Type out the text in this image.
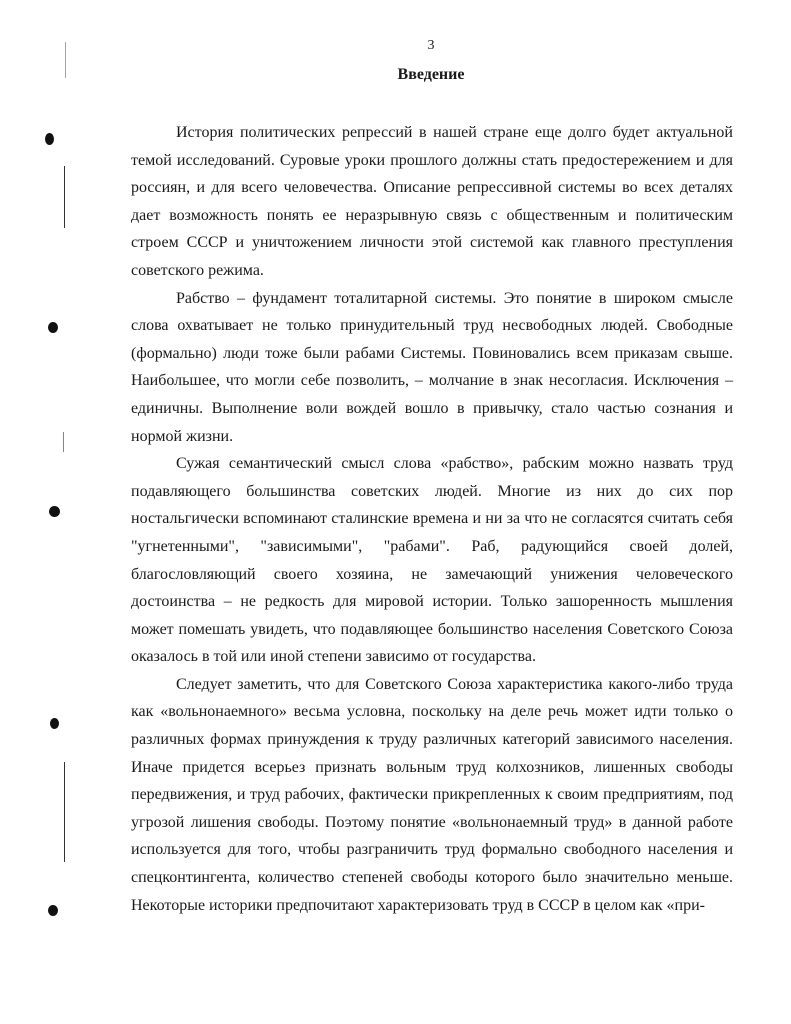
3
Введение

История политических репрессий в нашей стране еще долго будет актуальной темой исследований. Суровые уроки прошлого должны стать предостережением и для россиян, и для всего человечества. Описание репрессивной системы во всех деталях дает возможность понять ее неразрывную связь с общественным и политическим строем СССР и уничтожением личности этой системой как главного преступления советского режима.

Рабство – фундамент тоталитарной системы. Это понятие в широком смысле слова охватывает не только принудительный труд несвободных людей. Свободные (формально) люди тоже были рабами Системы. Повиновались всем приказам свыше. Наибольшее, что могли себе позволить, – молчание в знак несогласия. Исключения – единичны. Выполнение воли вождей вошло в привычку, стало частью сознания и нормой жизни.

Сужая семантический смысл слова «рабство», рабским можно назвать труд подавляющего большинства советских людей. Многие из них до сих пор ностальгически вспоминают сталинские времена и ни за что не согласятся считать себя "угнетенными", "зависимыми", "рабами". Раб, радующийся своей долей, благословляющий своего хозяина, не замечающий унижения человеческого достоинства – не редкость для мировой истории. Только зашоренность мышления может помешать увидеть, что подавляющее большинство населения Советского Союза оказалось в той или иной степени зависимо от государства.

Следует заметить, что для Советского Союза характеристика какого-либо труда как «вольнонаемного» весьма условна, поскольку на деле речь может идти только о различных формах принуждения к труду различных категорий зависимого населения. Иначе придется всерьез признать вольным труд колхозников, лишенных свободы передвижения, и труд рабочих, фактически прикрепленных к своим предприятиям, под угрозой лишения свободы. Поэтому понятие «вольнонаемный труд» в данной работе используется для того, чтобы разграничить труд формально свободного населения и спецконтингента, количество степеней свободы которого было значительно меньше. Некоторые историки предпочитают характеризовать труд в СССР в целом как «при-
